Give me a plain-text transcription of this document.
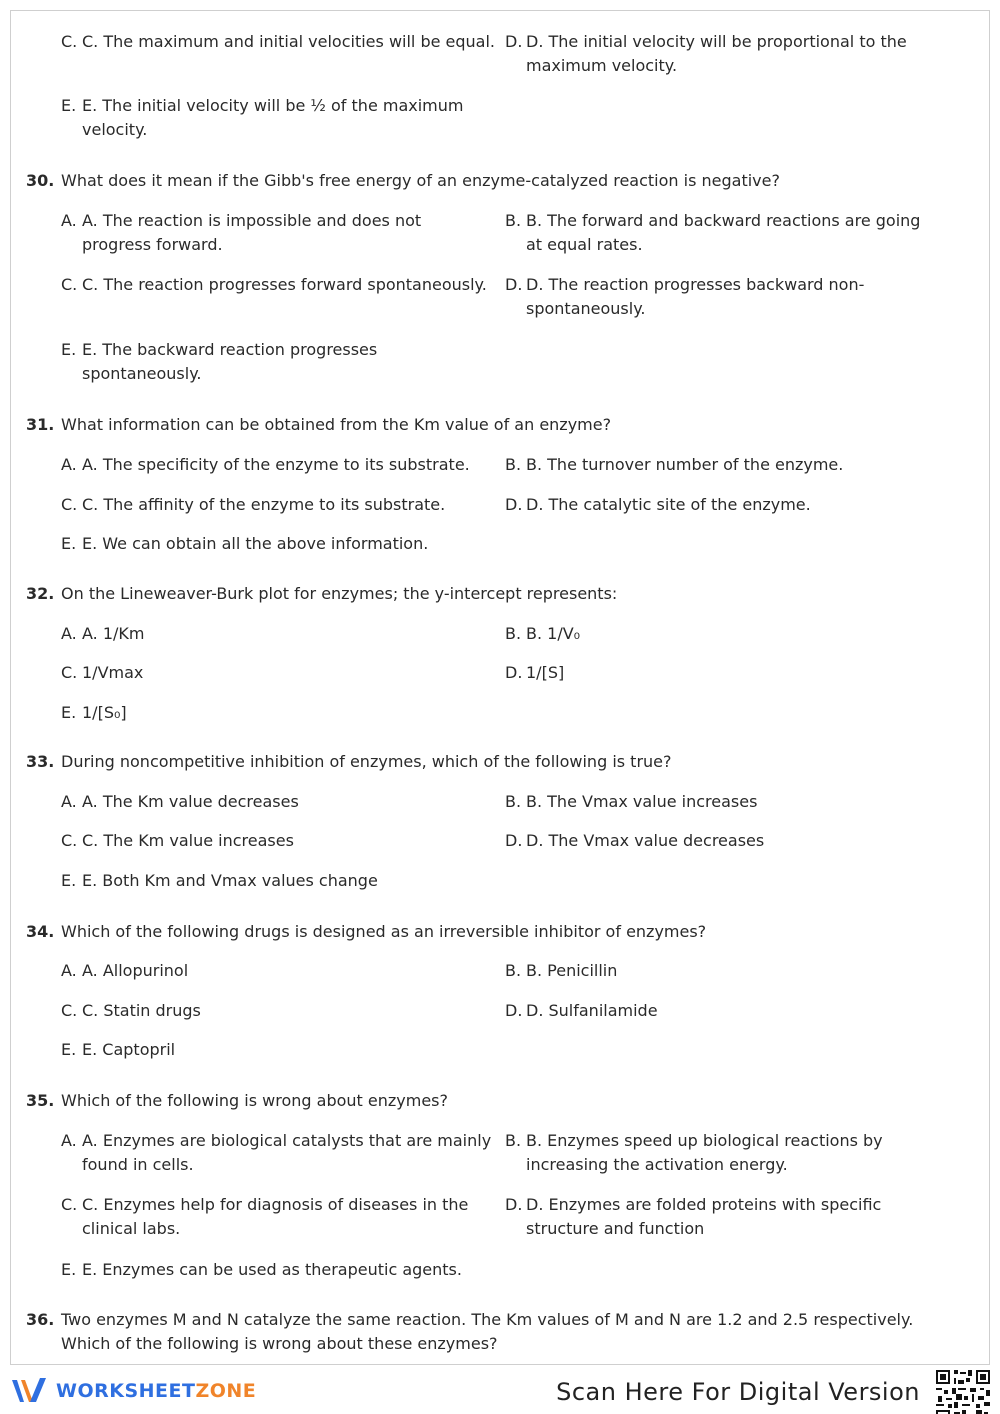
C. C. The maximum and initial velocities will be equal. D. D. The initial velocity will be proportional to the maximum velocity.
E. E. The initial velocity will be ½ of the maximum velocity.
30. What does it mean if the Gibb's free energy of an enzyme-catalyzed reaction is negative?
A. A. The reaction is impossible and does not progress forward.
B. B. The forward and backward reactions are going at equal rates.
C. C. The reaction progresses forward spontaneously.	D. D. The reaction progresses backward non-spontaneously.
E. E. The backward reaction progresses spontaneously.
31. What information can be obtained from the Km value of an enzyme?
A. A. The specificity of the enzyme to its substrate.	B. B. The turnover number of the enzyme.
C. C. The affinity of the enzyme to its substrate.	D. D. The catalytic site of the enzyme.
E. E. We can obtain all the above information.
32. On the Lineweaver-Burk plot for enzymes; the y-intercept represents:
A. A. 1/Km	B. B. 1/V₀
C. 1/Vmax	D. 1/[S]
E. 1/[S₀]
33. During noncompetitive inhibition of enzymes, which of the following is true?
A. A. The Km value decreases	B. B. The Vmax value increases
C. C. The Km value increases	D. D. The Vmax value decreases
E. E. Both Km and Vmax values change
34. Which of the following drugs is designed as an irreversible inhibitor of enzymes?
A. A. Allopurinol	B. B. Penicillin
C. C. Statin drugs	D. D. Sulfanilamide
E. E. Captopril
35. Which of the following is wrong about enzymes?
A. A. Enzymes are biological catalysts that are mainly found in cells.
B. B. Enzymes speed up biological reactions by increasing the activation energy.
C. C. Enzymes help for diagnosis of diseases in the clinical labs.
D. D. Enzymes are folded proteins with specific structure and function
E. E. Enzymes can be used as therapeutic agents.
36. Two enzymes M and N catalyze the same reaction. The Km values of M and N are 1.2 and 2.5 respectively. Which of the following is wrong about these enzymes?
WORKSHEETZONE	Scan Here For Digital Version
